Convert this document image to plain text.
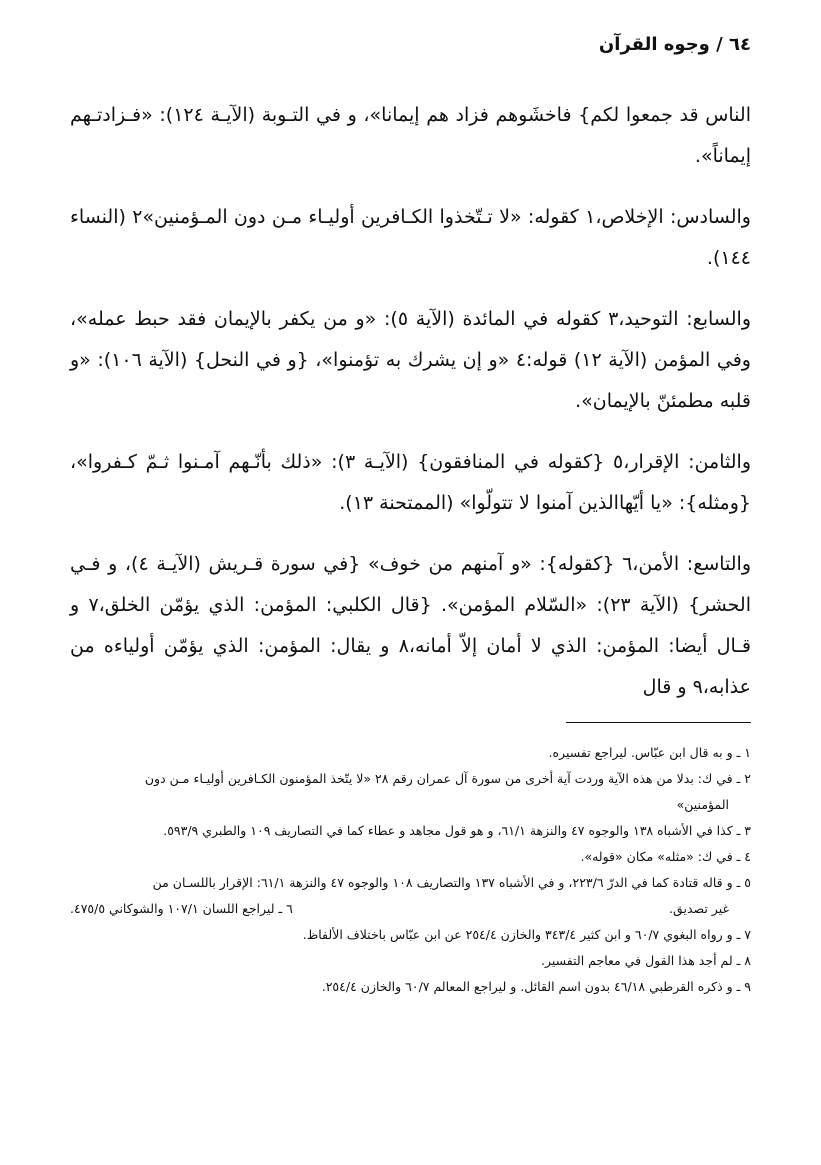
٦٤ / وجوه القرآن

الناس قد جمعوا لكم} فاخشَوهم فزاد هم إيمانا»، و في التـوبة (الآيـة ١٢٤): «فـزادتـهم إيماناً».

والسادس: الإخلاص،١ كقوله: «لا تـتّخذوا الكـافرين أوليـاء مـن دون المـؤمنين»٢ (النساء ١٤٤).

والسابع: التوحيد،٣ كقوله في المائدة (الآية ٥): «و من يكفر بالإيمان فقد حبط عمله»، وفي المؤمن (الآية ١٢) قوله:٤ «و إن يشرك به تؤمنوا»، {و في النحل} (الآية ١٠٦): «و قلبه مطمئنّ بالإيمان».

والثامن: الإقرار،٥ {كقوله في المنافقون} (الآيـة ٣): «ذلك بأنّـهم آمـنوا ثـمّ كـفروا»، {ومثله}: «يا أيّهاالذين آمنوا لا تتولّوا» (الممتحنة ١٣).

والتاسع: الأمن،٦ {كقوله}: «و آمنهم من خوف» {في سورة قـريش (الآيـة ٤)، و فـي الحشر} (الآية ٢٣): «السّلام المؤمن». {قال الكلبي: المؤمن: الذي يؤمّن الخلق،٧ و قـال أيضا: المؤمن: الذي لا أمان إلاّ أمانه،٨ و يقال: المؤمن: الذي يؤمّن أولياءه من عذابه،٩ و قال

١ ـ و به قال ابن عبّاس. ليراجع تفسيره.

٢ ـ في ك: بدلا من هذه الآية وردت آية أخرى من سورة آل عمران رقم ٢٨ «لا يتّخذ المؤمنون الكـافرين أوليـاء مـن دون
المؤمنين»

٣ ـ كذا في الأشباه ١٣٨ والوجوه ٤٧ والنزهة ٦١/١، و هو قول مجاهد و عطاء كما في التصاريف ١٠٩ والطبري ٥٩٣/٩.

٤ ـ في ك: «مثله» مكان «قوله».

٥ ـ و قاله قتادة كما في الدرّ ٢٢٣/٦، و في الأشباه ١٣٧ والتصاريف ١٠٨ والوجوه ٤٧ والنزهة ٦١/١: الإقرار باللسـان من
غير تصديق.
٦ ـ ليراجع اللسان ١٠٧/١ والشوكاني ٤٧٥/٥.

٧ ـ و رواه البغوي ٦٠/٧ و ابن كثير ٣٤٣/٤ والخازن ٢٥٤/٤ عن ابن عبّاس باختلاف الألفاظ.

٨ ـ لم أجد هذا القول في معاجم التفسير.

٩ ـ و ذكره القرطبي ٤٦/١٨ بدون اسم القائل. و ليراجع المعالم ٦٠/٧ والخازن ٢٥٤/٤.
